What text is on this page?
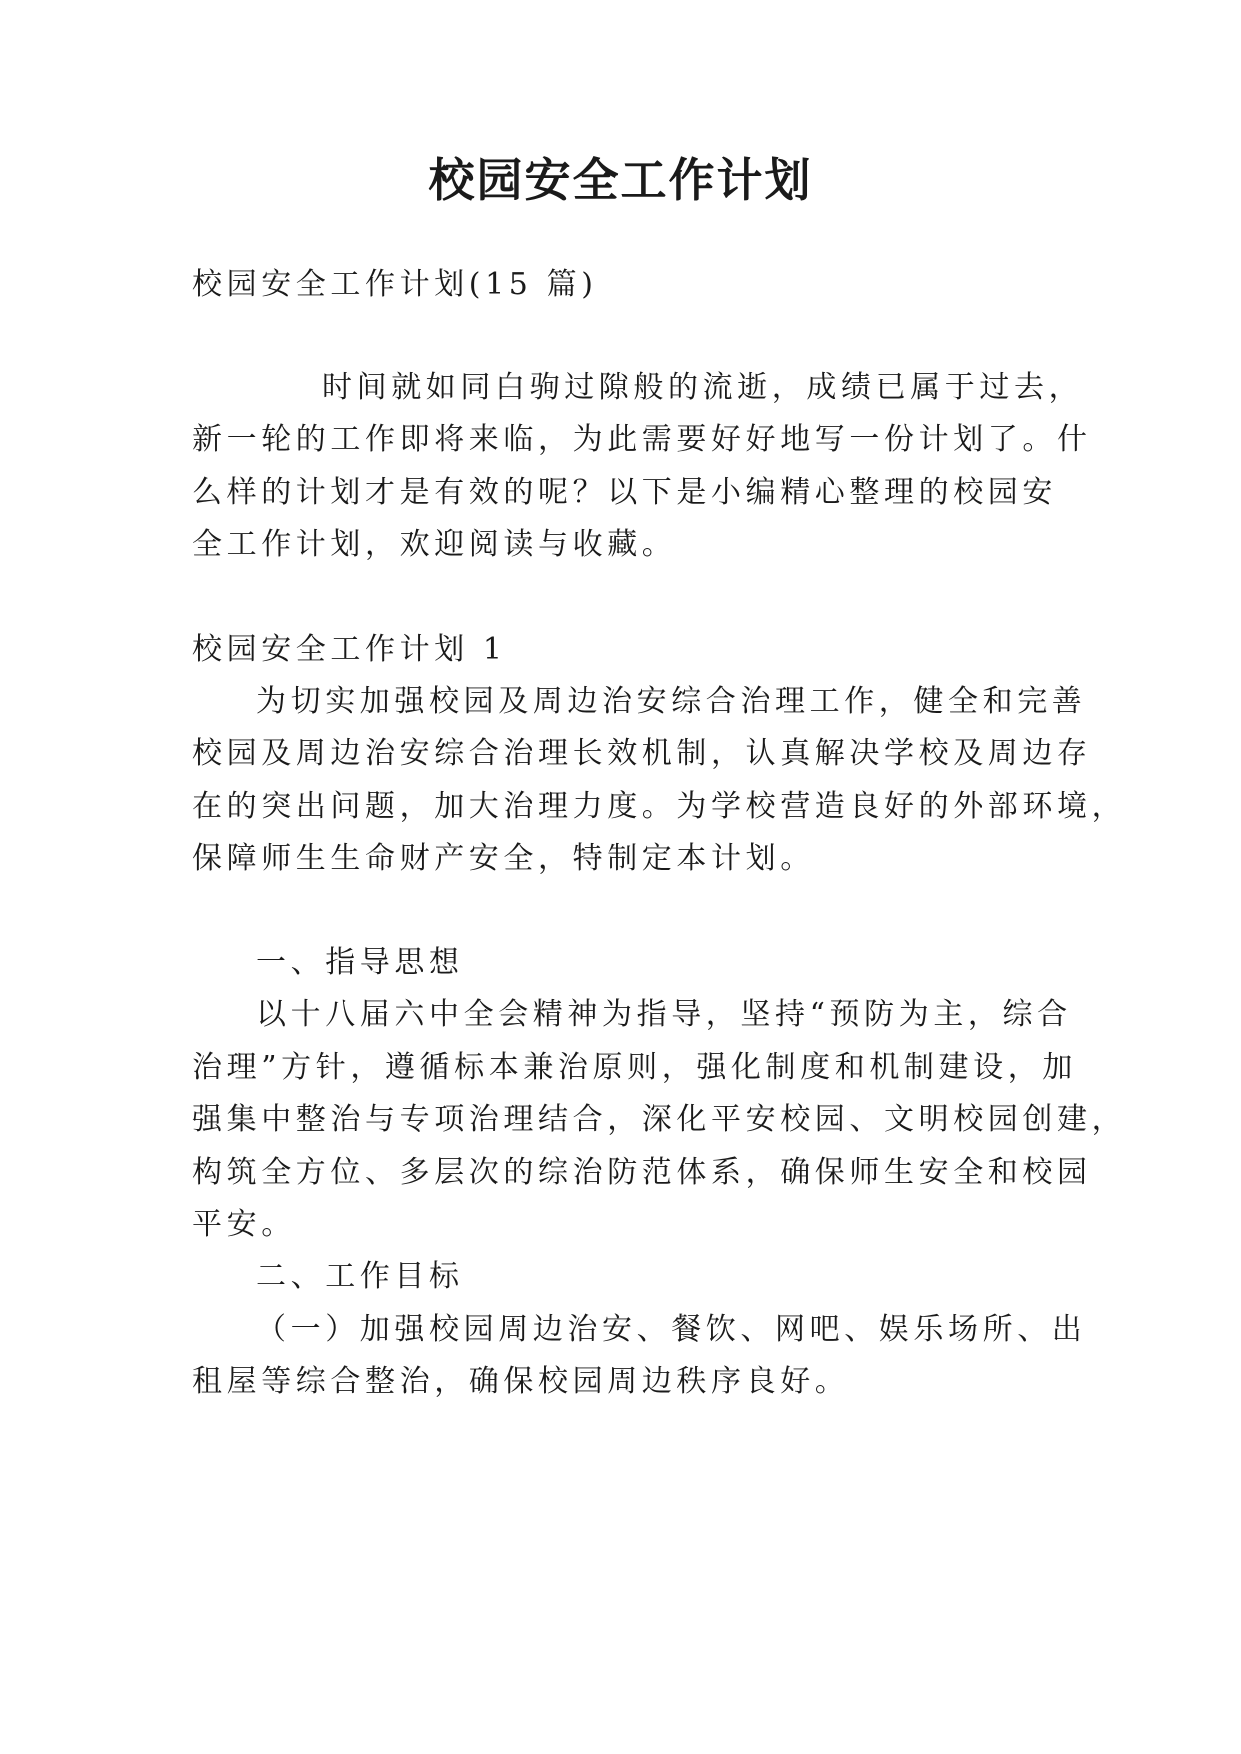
校园安全工作计划

校园安全工作计划(15 篇)

时间就如同白驹过隙般的流逝，成绩已属于过去，

新一轮的工作即将来临，为此需要好好地写一份计划了。什

么样的计划才是有效的呢？以下是小编精心整理的校园安

全工作计划，欢迎阅读与收藏。

校园安全工作计划 1

为切实加强校园及周边治安综合治理工作，健全和完善

校园及周边治安综合治理长效机制，认真解决学校及周边存

在的突出问题，加大治理力度。为学校营造良好的外部环境，

保障师生生命财产安全，特制定本计划。

一、指导思想

以十八届六中全会精神为指导，坚持“预防为主，综合

治理”方针，遵循标本兼治原则，强化制度和机制建设，加

强集中整治与专项治理结合，深化平安校园、文明校园创建，

构筑全方位、多层次的综治防范体系，确保师生安全和校园

平安。

二、工作目标

（一）加强校园周边治安、餐饮、网吧、娱乐场所、出

租屋等综合整治，确保校园周边秩序良好。
